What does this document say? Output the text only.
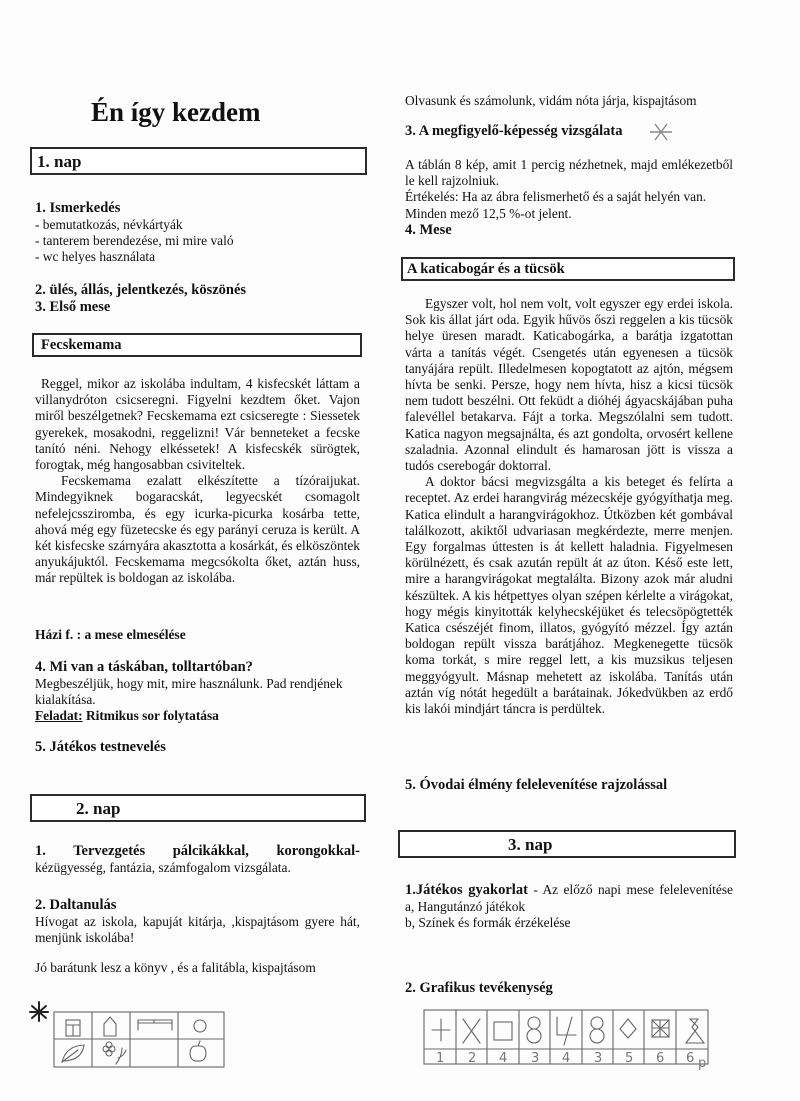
Én így kezdem
1. nap
1. Ismerkedés
- bemutatkozás, névkártyák
- tanterem berendezése, mi mire való
- wc helyes használata
2. ülés, állás, jelentkezés, köszönés
3. Első mese
Fecskemama

Reggel, mikor az iskolába indultam, 4 kisfecskét láttam a villanydróton csicseregni. Figyelni kezdtem őket. Vajon miről beszélgetnek? Fecskemama ezt csicseregte : Siessetek gyerekek, mosakodni, reggelizni! Vár benneteket a fecske tanító néni. Nehogy elkéssetek! A kisfecskék sürögtek, forogtak, még hangosabban csiviteltek.

Fecskemama ezalatt elkészítette a tízóraijukat. Mindegyiknek bogaracskát, legyecskét csomagolt nefelejcssziromba, és egy icurka-picurka kosárba tette, ahová még egy füzetecske és egy parányi ceruza is került. A két kisfecske szárnyára akasztotta a kosárkát, és elköszöntek anyukájuktól. Fecskemama megcsókolta őket, aztán huss, már repültek is boldogan az iskolába.

Házi f. : a mese elmesélése
4. Mi van a táskában, tolltartóban?
Megbeszéljük, hogy mit, mire használunk. Pad rendjének kialakítása.
Feladat: Ritmikus sor folytatása
5. Játékos testnevelés
2. nap
1. Tervezgetés pálcikákkal, korongokkal-
kézügyesség, fantázia, számfogalom vizsgálata.
2. Daltanulás
Hívogat az iskola, kapuját kitárja, ,kispajtásom gyere hát, menjünk iskolába!
Jó barátunk lesz a könyv , és a falitábla, kispajtásom
Olvasunk és számolunk, vidám nóta járja, kispajtásom
3. A megfigyelő-képesség vizsgálata
A táblán 8 kép, amit 1 percig nézhetnek, majd emlékezetből le kell rajzolniuk.
Értékelés: Ha az ábra felismerhető és a saját helyén van.
Minden mező 12,5 %-ot jelent.
4. Mese
A katicabogár és a tücsök

Egyszer volt, hol nem volt, volt egyszer egy erdei iskola. Sok kis állat járt oda. Egyik hűvös őszi reggelen a kis tücsök helye üresen maradt. Katicabogárka, a barátja izgatottan várta a tanítás végét. Csengetés után egyenesen a tücsök tanyájára repült. Illedelmesen kopogtatott az ajtón, mégsem hívta be senki. Persze, hogy nem hívta, hisz a kicsi tücsök nem tudott beszélni. Ott feküdt a dióhéj ágyacskájában puha falevéllel betakarva. Fájt a torka. Megszólalni sem tudott. Katica nagyon megsajnálta, és azt gondolta, orvosért kellene szaladnia. Azonnal elindult és hamarosan jött is vissza a tudós cserebogár doktorral.

A doktor bácsi megvizsgálta a kis beteget és felírta a receptet. Az erdei harangvirág mézecskéje gyógyíthatja meg. Katica elindult a harangvirágokhoz. Útközben két gombával találkozott, akiktől udvariasan megkérdezte, merre menjen. Egy forgalmas úttesten is át kellett haladnia. Figyelmesen körülnézett, és csak azután repült át az úton. Késő este lett, mire a harangvirágokat megtalálta. Bizony azok már aludni készültek. A kis hétpettyes olyan szépen kérlelte a virágokat, hogy mégis kinyitották kelyhecskéjüket és telecsöpögtették Katica csészéjét finom, illatos, gyógyító mézzel. Így aztán boldogan repült vissza barátjához. Megkenegette tücsök koma torkát, s mire reggel lett, a kis muzsikus teljesen meggyógyult. Másnap mehetett az iskolába. Tanítás után aztán víg nótát hegedült a barátainak. Jókedvükben az erdő kis lakói mindjárt táncra is perdültek.

5. Óvodai élmény felelevenítése rajzolással
3. nap
1.Játékos gyakorlat - Az előző napi mese felelevenítése
a, Hangutánzó játékok
b, Színek és formák érzékelése
2. Grafikus tevékenység
1 2 4 3 4 3 5 6 6 p
